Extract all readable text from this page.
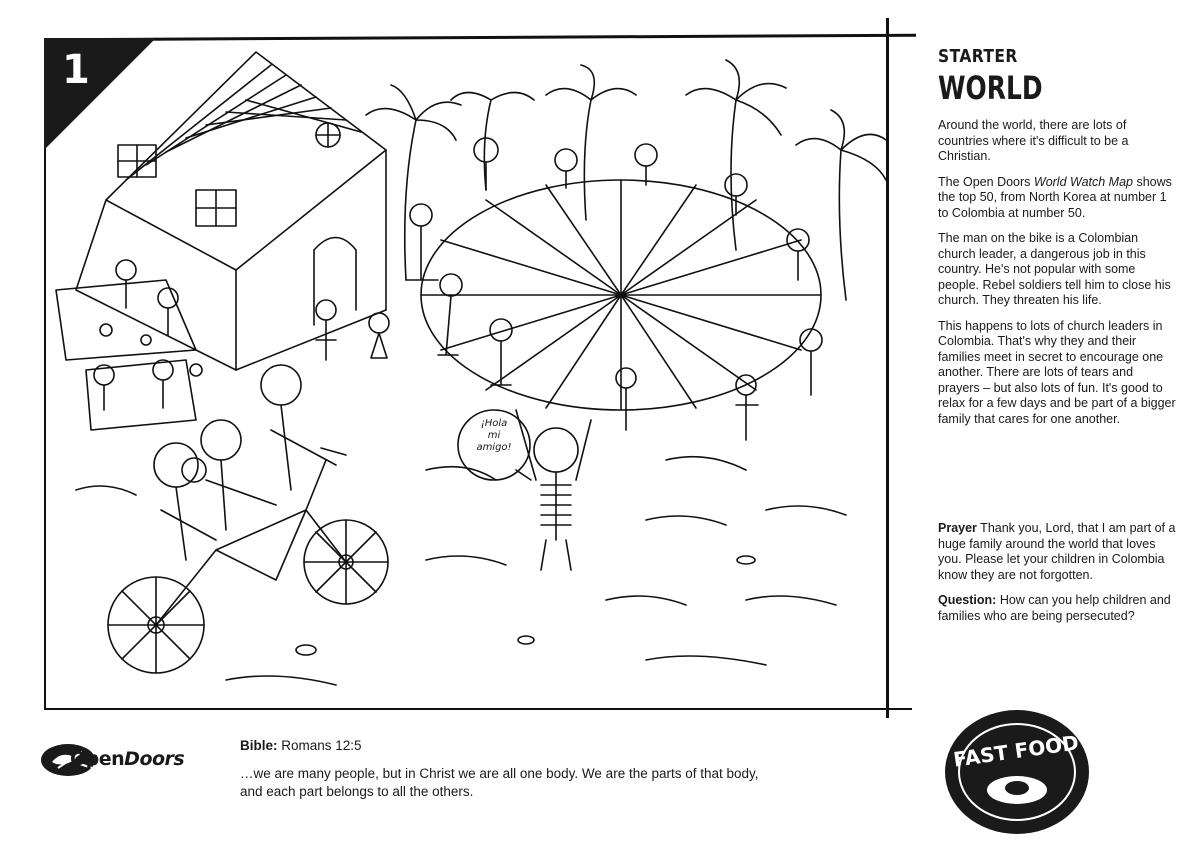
¡Hola
mi
amigo!
1	STARTER
WORLD

Around the world, there are lots of countries where it's difficult to be a Christian.

The Open Doors World Watch Map shows the top 50, from North Korea at number 1 to Colombia at number 50.

The man on the bike is a Colombian church leader, a dangerous job in this country. He's not popular with some people. Rebel soldiers tell him to close his church. They threaten his life.

This happens to lots of church leaders in Colombia. That's why they and their families meet in secret to encourage one another. There are lots of tears and prayers – but also lots of fun. It's good to relax for a few days and be part of a bigger family that cares for one another.

Prayer Thank you, Lord, that I am part of a huge family around the world that loves you. Please let your children in Colombia know they are not forgotten.

Question: How can you help children and families who are being persecuted?

OpenDoors
Bible: Romans 12:5
…we are many people, but in Christ we are all one body. We are the parts of that body,
and each part belongs to all the others.
FAST FOOD
